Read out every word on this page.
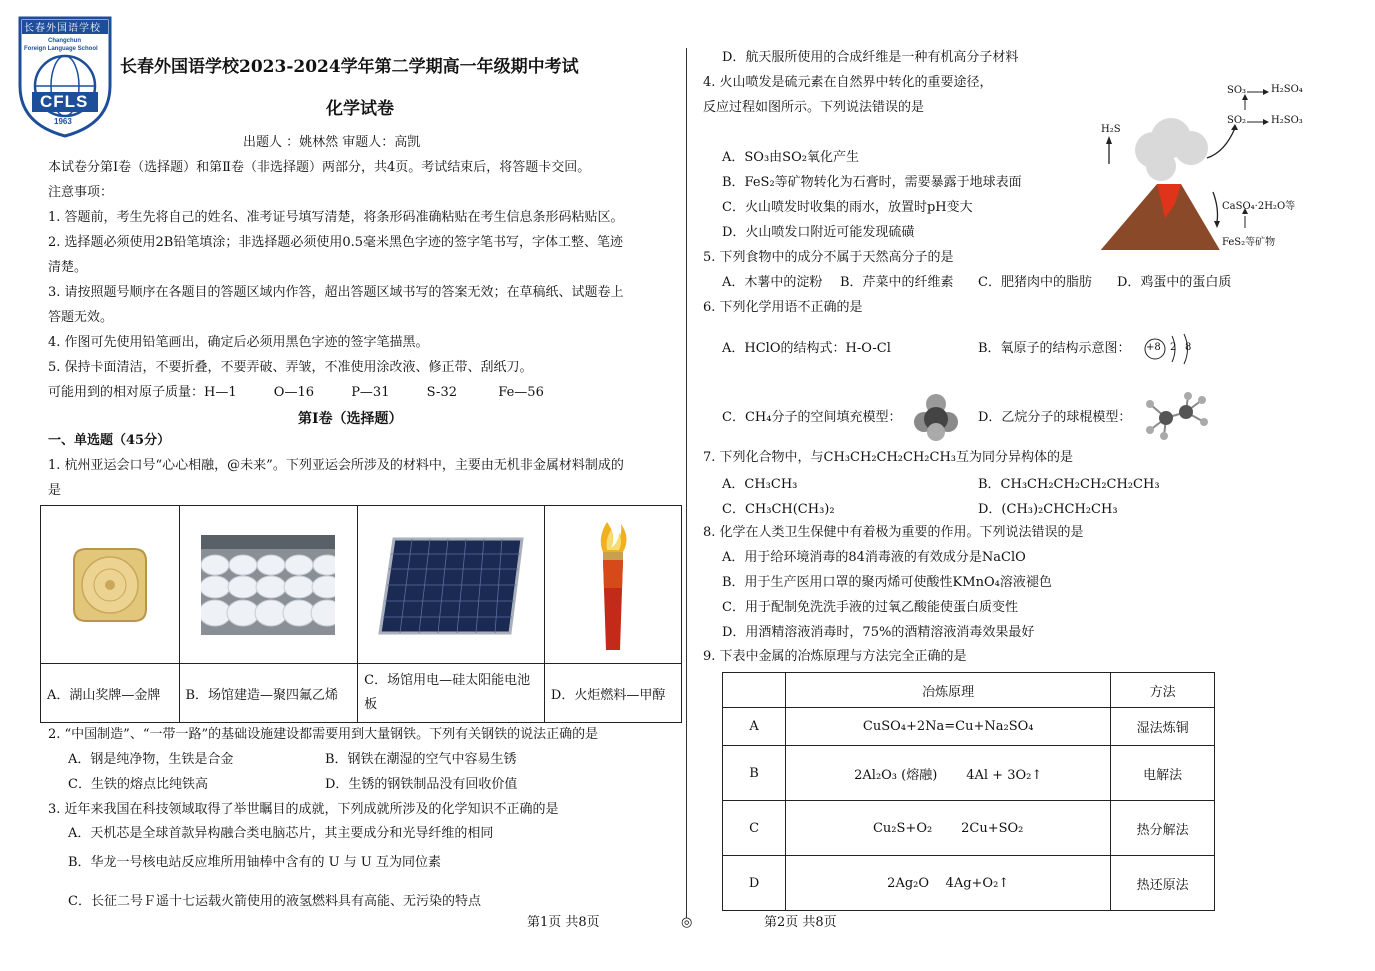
长春外国语学校
Changchun
Foreign Language School
CFLS
1963
长春外国语学校2023-2024学年第二学期高一年级期中考试
化学试卷
出题人 ：姚林然 审题人：高凯
本试卷分第Ⅰ卷（选择题）和第Ⅱ卷（非选择题）两部分，共4页。考试结束后，将答题卡交回。
注意事项：
1. 答题前，考生先将自己的姓名、准考证号填写清楚，将条形码准确粘贴在考生信息条形码粘贴区。
2. 选择题必须使用2B铅笔填涂；非选择题必须使用0.5毫米黑色字迹的签字笔书写，字体工整、笔迹
清楚。
3. 请按照题号顺序在各题目的答题区域内作答，超出答题区域书写的答案无效；在草稿纸、试题卷上
答题无效。
4. 作图可先使用铅笔画出，确定后必须用黑色字迹的签字笔描黑。
5. 保持卡面清洁，不要折叠，不要弄破、弄皱，不准使用涂改液、修正带、刮纸刀。
可能用到的相对原子质量：H—1         O—16         P—31         S-32          Fe—56
第Ⅰ卷（选择题）
一、单选题（45分）
1. 杭州亚运会口号“心心相融，@未来”。下列亚运会所涉及的材料中，主要由无机非金属材料制成的
是

A．湖山奖牌—金牌	B．场馆建造—聚四氟乙烯	C．场馆用电—硅太阳能电池板	D．火炬燃料—甲醇
2. “中国制造”、“一带一路”的基础设施建设都需要用到大量钢铁。下列有关钢铁的说法正确的是
A．钢是纯净物，生铁是合金	B．钢铁在潮湿的空气中容易生锈
C．生铁的熔点比纯铁高	D．生锈的钢铁制品没有回收价值
3. 近年来我国在科技领域取得了举世瞩目的成就，下列成就所涉及的化学知识不正确的是
A．天机芯是全球首款异构融合类电脑芯片，其主要成分和光导纤维的相同
B．华龙一号核电站反应堆所用铀棒中含有的 U 与 U 互为同位素
C．长征二号Ｆ遥十七运载火箭使用的液氢燃料具有高能、无污染的特点
D．航天服所使用的合成纤维是一种有机高分子材料
4. 火山喷发是硫元素在自然界中转化的重要途径，
反应过程如图所示。下列说法错误的是
A．SO₃由SO₂氧化产生
B．FeS₂等矿物转化为石膏时，需要暴露于地球表面
C．火山喷发时收集的雨水，放置时pH变大
D．火山喷发口附近可能发现硫磺
H₂S
SO₃ H₂SO₄
SO₂ H₂SO₃
CaSO₄·2H₂O等
FeS₂等矿物
5. 下列食物中的成分不属于天然高分子的是
A．木薯中的淀粉 B．芹菜中的纤维素 C．肥猪肉中的脂肪 D．鸡蛋中的蛋白质
6. 下列化学用语不正确的是
A．HClO的结构式：H-O-Cl	B．氧原子的结构示意图： +8 2 8
C．CH₄分子的空间填充模型：	D．乙烷分子的球棍模型：
7. 下列化合物中，与CH₃CH₂CH₂CH₂CH₃互为同分异构体的是
A．CH₃CH₃	B．CH₃CH₂CH₂CH₂CH₂CH₃
C．CH₃CH(CH₃)₂	D．(CH₃)₂CHCH₂CH₃
8. 化学在人类卫生保健中有着极为重要的作用。下列说法错误的是
A．用于给环境消毒的84消毒液的有效成分是NaClO
B．用于生产医用口罩的聚丙烯可使酸性KMnO₄溶液褪色
C．用于配制免洗洗手液的过氧乙酸能使蛋白质变性
D．用酒精溶液消毒时，75%的酒精溶液消毒效果最好
9. 下表中金属的冶炼原理与方法完全正确的是
	冶炼原理	方法
A	CuSO₄+2Na=Cu+Na₂SO₄	湿法炼铜
B	2Al₂O₃ (熔融)       4Al + 3O₂↑	电解法
C	Cu₂S+O₂       2Cu+SO₂	热分解法
D	2Ag₂O    4Ag+O₂↑	热还原法
第1页 共8页	◎	第2页 共8页
